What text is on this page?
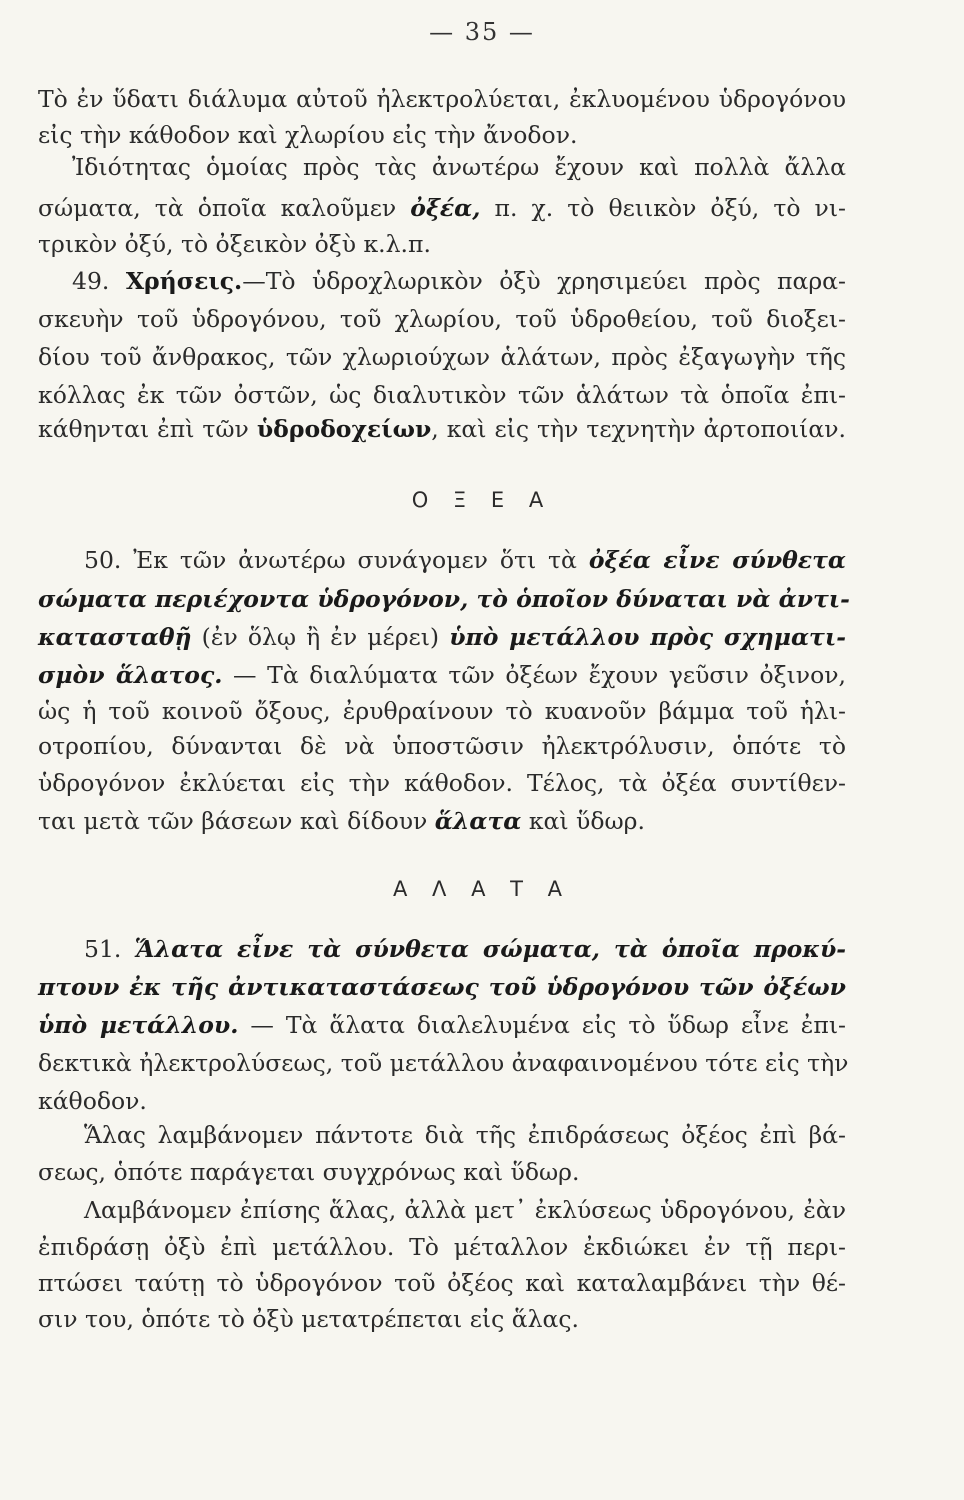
— 35 —
Τὸ ἐν ὕδατι διάλυμα αὐτοῦ ἠλεκτρολύεται, ἐκλυομένου ὑδρογόνου
εἰς τὴν κάθοδον καὶ χλωρίου εἰς τὴν ἄνοδον.
Ἰδιότητας ὁμοίας πρὸς τὰς ἀνωτέρω ἔχουν καὶ πολλὰ ἄλλα
σώματα, τὰ ὁποῖα καλοῦμεν ὀξέα, π. χ. τὸ θειικὸν ὀξύ, τὸ νι-
τρικὸν ὀξύ, τὸ ὀξεικὸν ὀξὺ κ.λ.π.
49. Χρήσεις.—Τὸ ὑδροχλωρικὸν ὀξὺ χρησιμεύει πρὸς παρα-
σκευὴν τοῦ ὑδρογόνου, τοῦ χλωρίου, τοῦ ὑδροθείου, τοῦ διοξει-
δίου τοῦ ἄνθρακος, τῶν χλωριούχων ἁλάτων, πρὸς ἐξαγωγὴν τῆς
κόλλας ἐκ τῶν ὀστῶν, ὡς διαλυτικὸν τῶν ἁλάτων τὰ ὁποῖα ἐπι-
κάθηνται ἐπὶ τῶν ὑδροδοχείων, καὶ εἰς τὴν τεχνητὴν ἀρτοποιίαν.
Ο Ξ Ε Α
50. Ἐκ τῶν ἀνωτέρω συνάγομεν ὅτι τὰ ὀξέα εἶνε σύνθετα
σώματα περιέχοντα ὑδρογόνον, τὸ ὁποῖον δύναται νὰ ἀντι-
κατασταθῇ (ἐν ὅλῳ ἢ ἐν μέρει) ὑπὸ μετάλλου πρὸς σχηματι-
σμὸν ἅλατος. — Τὰ διαλύματα τῶν ὀξέων ἔχουν γεῦσιν ὀξινον,
ὡς ἡ τοῦ κοινοῦ ὄξους, ἐρυθραίνουν τὸ κυανοῦν βάμμα τοῦ ἡλι-
οτροπίου, δύνανται δὲ νὰ ὑποστῶσιν ἠλεκτρόλυσιν, ὁπότε τὸ
ὑδρογόνον ἐκλύεται εἰς τὴν κάθοδον. Τέλος, τὰ ὀξέα συντίθεν-
ται μετὰ τῶν βάσεων καὶ δίδουν ἅλατα καὶ ὕδωρ.
Α Λ Α Τ Α
51. Ἅλατα εἶνε τὰ σύνθετα σώματα, τὰ ὁποῖα προκύ-
πτουν ἐκ τῆς ἀντικαταστάσεως τοῦ ὑδρογόνου τῶν ὀξέων
ὑπὸ μετάλλου. — Τὰ ἅλατα διαλελυμένα εἰς τὸ ὕδωρ εἶνε ἐπι-
δεκτικὰ ἠλεκτρολύσεως, τοῦ μετάλλου ἀναφαινομένου τότε εἰς τὴν
κάθοδον.
Ἅλας λαμβάνομεν πάντοτε διὰ τῆς ἐπιδράσεως ὀξέος ἐπὶ βά-
σεως, ὁπότε παράγεται συγχρόνως καὶ ὕδωρ.
Λαμβάνομεν ἐπίσης ἅλας, ἀλλὰ μετ᾿ ἐκλύσεως ὑδρογόνου, ἐὰν
ἐπιδράσῃ ὀξὺ ἐπὶ μετάλλου. Τὸ μέταλλον ἐκδιώκει ἐν τῇ περι-
πτώσει ταύτῃ τὸ ὑδρογόνον τοῦ ὀξέος καὶ καταλαμβάνει τὴν θέ-
σιν του, ὁπότε τὸ ὀξὺ μετατρέπεται εἰς ἅλας.
